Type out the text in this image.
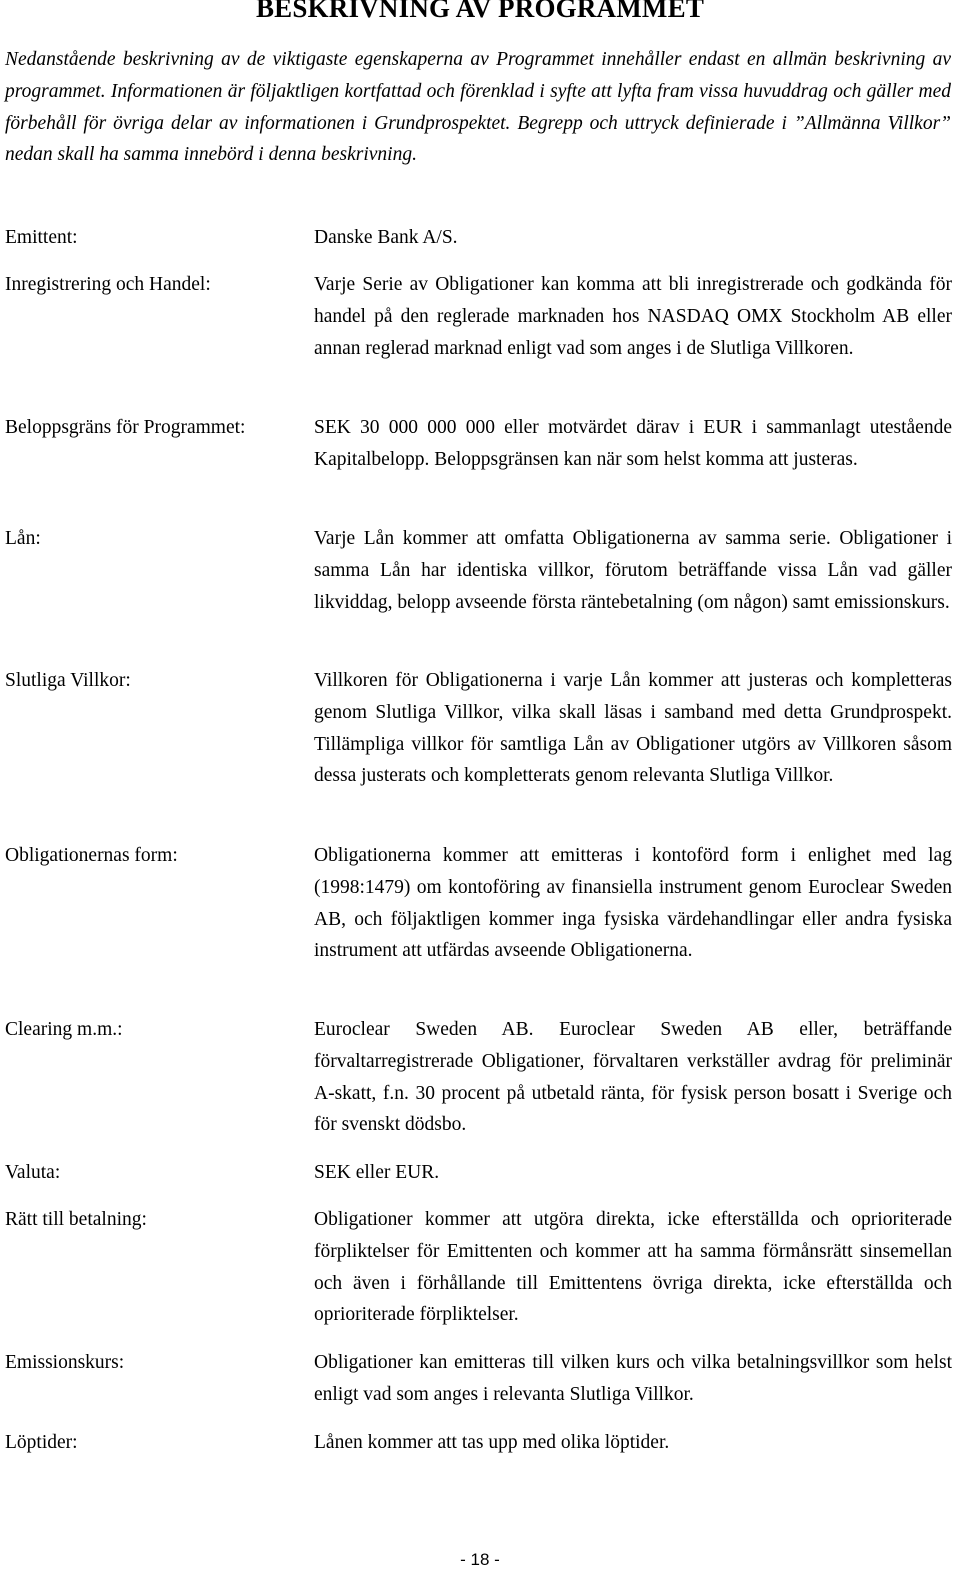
BESKRIVNING AV PROGRAMMET
Nedanstående beskrivning av de viktigaste egenskaperna av Programmet innehåller endast en allmän beskrivning av programmet. Informationen är följaktligen kortfattad och förenklad i syfte att lyfta fram vissa huvuddrag och gäller med förbehåll för övriga delar av informationen i Grundprospektet. Begrepp och uttryck definierade i ”Allmänna Villkor” nedan skall ha samma innebörd i denna beskrivning.
Emittent:	Danske Bank A/S.
Inregistrering och Handel:	Varje Serie av Obligationer kan komma att bli inregistrerade och godkända för handel på den reglerade marknaden hos NASDAQ OMX Stockholm AB eller annan reglerad marknad enligt vad som anges i de Slutliga Villkoren.
Beloppsgräns för Programmet:	SEK 30 000 000 000 eller motvärdet därav i EUR i sammanlagt utestående Kapitalbelopp. Beloppsgränsen kan när som helst komma att justeras.
Lån:	Varje Lån kommer att omfatta Obligationerna av samma serie. Obligationer i samma Lån har identiska villkor, förutom beträffande vissa Lån vad gäller likviddag, belopp avseende första räntebetalning (om någon) samt emissionskurs.
Slutliga Villkor:	Villkoren för Obligationerna i varje Lån kommer att justeras och kompletteras genom Slutliga Villkor, vilka skall läsas i samband med detta Grundprospekt. Tillämpliga villkor för samtliga Lån av Obligationer utgörs av Villkoren såsom dessa justerats och kompletterats genom relevanta Slutliga Villkor.
Obligationernas form:	Obligationerna kommer att emitteras i kontoförd form i enlighet med lag (1998:1479) om kontoföring av finansiella instrument genom Euroclear Sweden AB, och följaktligen kommer inga fysiska värdehandlingar eller andra fysiska instrument att utfärdas avseende Obligationerna.
Clearing m.m.:	Euroclear Sweden AB. Euroclear Sweden AB eller, beträffande förvaltarregistrerade Obligationer, förvaltaren verkställer avdrag för preliminär A-skatt, f.n. 30 procent på utbetald ränta, för fysisk person bosatt i Sverige och för svenskt dödsbo.
Valuta:	SEK eller EUR.
Rätt till betalning:	Obligationer kommer att utgöra direkta, icke efterställda och oprioriterade förpliktelser för Emittenten och kommer att ha samma förmånsrätt sinsemellan och även i förhållande till Emittentens övriga direkta, icke efterställda och oprioriterade förpliktelser.
Emissionskurs:	Obligationer kan emitteras till vilken kurs och vilka betalningsvillkor som helst enligt vad som anges i relevanta Slutliga Villkor.
Löptider:	Lånen kommer att tas upp med olika löptider.
- 18 -
